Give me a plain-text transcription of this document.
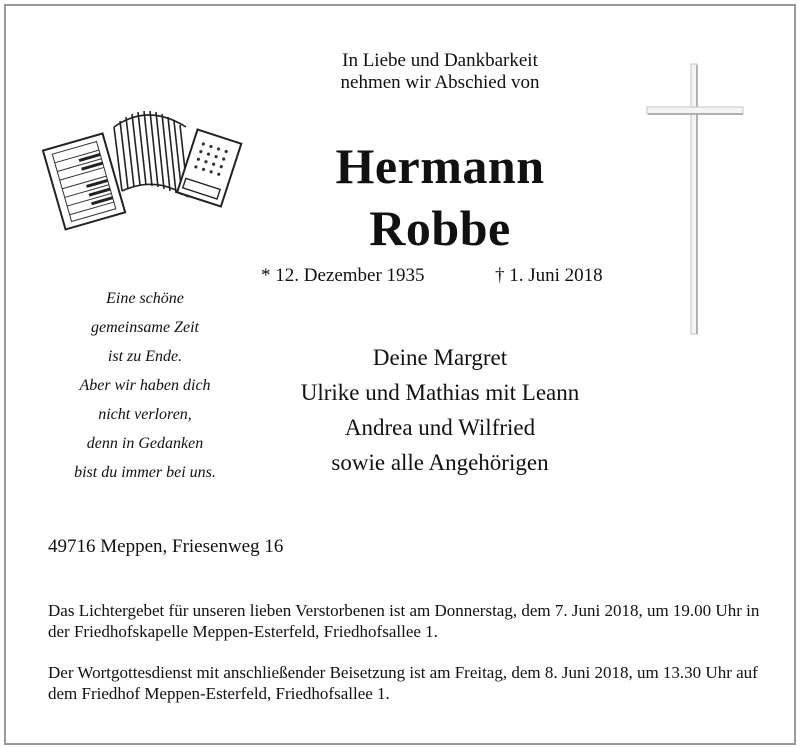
In Liebe und Dankbarkeit
nehmen wir Abschied von
Hermann
Robbe
* 12. Dezember 1935	† 1. Juni 2018
Eine schöne
gemeinsame Zeit
ist zu Ende.
Aber wir haben dich
nicht verloren,
denn in Gedanken
bist du immer bei uns.
Deine Margret
Ulrike und Mathias mit Leann
Andrea und Wilfried
sowie alle Angehörigen
49716 Meppen, Friesenweg 16
Das Lichtergebet für unseren lieben Verstorbenen ist am Donnerstag, dem 7. Juni 2018, um 19.00 Uhr in der Friedhofskapelle Meppen-Esterfeld, Friedhofsallee 1.
Der Wortgottesdienst mit anschließender Beisetzung ist am Freitag, dem 8. Juni 2018, um 13.30 Uhr auf dem Friedhof Meppen-Esterfeld, Friedhofsallee 1.
